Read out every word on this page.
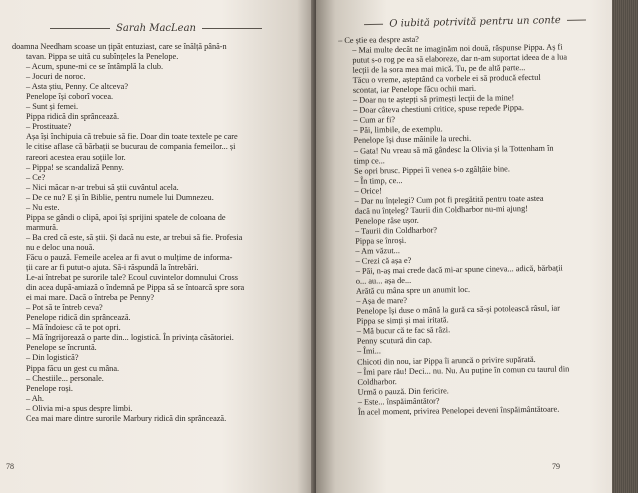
Sarah MacLean

doamna Needham scoase un țipăt entuziast, care se înălță până-n

tavan. Pippa se uită cu subînțeles la Penelope.

– Acum, spune-mi ce se întâmplă la club.

– Jocuri de noroc.

– Asta știu, Penny. Ce altceva?

Penelope își coborî vocea.

– Sunt și femei.

Pippa ridică din sprâncează.

– Prostituate?

Așa își închipuia că trebuie să fie. Doar din toate textele pe care

le citise aflase că bărbații se bucurau de compania femeilor... și

rareori acestea erau soțiile lor.

– Pippa! se scandaliză Penny.

– Ce?

– Nici măcar n-ar trebui să știi cuvântul acela.

– De ce nu? E și în Biblie, pentru numele lui Dumnezeu.

– Nu este.

Pippa se gândi o clipă, apoi își sprijini spatele de coloana de

marmură.

– Ba cred că este, să știi. Și dacă nu este, ar trebui să fie. Profesia

nu e deloc una nouă.

Făcu o pauză. Femeile acelea ar fi avut o mulțime de informa-

ții care ar fi putut-o ajuta. Să-i răspundă la întrebări.

Le-ai întrebat pe surorile tale? Ecoul cuvintelor domnului Cross

din acea după-amiază o îndemnă pe Pippa să se întoarcă spre sora

ei mai mare. Dacă o întreba pe Penny?

– Pot să te întreb ceva?

Penelope ridică din sprâncează.

– Mă îndoiesc că te pot opri.

– Mă îngrijorează o parte din... logistică. În privința căsătoriei.

Penelope se încruntă.

– Din logistică?

Pippa făcu un gest cu mâna.

– Chestiile... personale.

Penelope roși.

– Ah.

– Olivia mi-a spus despre limbi.

Cea mai mare dintre surorile Marbury ridică din sprâncează.

78
O iubită potrivită pentru un conte

– Ce știe ea despre asta?

– Mai multe decât ne imaginăm noi două, răspunse Pippa. Aș fi

putut s-o rog pe ea să elaboreze, dar n-am suportat ideea de a lua

lecții de la sora mea mai mică. Tu, pe de altă parte...

Tăcu o vreme, așteptând ca vorbele ei să producă efectul

scontat, iar Penelope făcu ochii mari.

– Doar nu te aștepți să primești lecții de la mine!

– Doar câteva chestiuni critice, spuse repede Pippa.

– Cum ar fi?

– Păi, limbile, de exemplu.

Penelope își duse mâinile la urechi.

– Gata! Nu vreau să mă gândesc la Olivia și la Tottenham în

timp ce...

Se opri brusc. Pippei îi venea s-o zgâlțâie bine.

– În timp, ce...

– Orice!

– Dar nu înțelegi? Cum pot fi pregătită pentru toate astea

dacă nu înțeleg? Taurii din Coldharbor nu-mi ajung!

Penelope râse ușor.

– Taurii din Coldharbor?

Pippa se înroși.

– Am văzut...

– Crezi că așa e?

– Păi, n-aș mai crede dacă mi-ar spune cineva... adică, bărbații

o... au... așa de...

Arătă cu mâna spre un anumit loc.

– Așa de mare?

Penelope își duse o mână la gură ca să-și potolească râsul, iar

Pippa se simți și mai iritată.

– Mă bucur că te fac să râzi.

Penny scutură din cap.

– Îmi...

Chicoti din nou, iar Pippa îi aruncă o privire supărată.

– Îmi pare rău! Deci... nu. Nu. Au puține în comun cu taurul din

Coldharbor.

Urmă o pauză. Din fericire.

– Este... înspăimântător?

În acel moment, privirea Penelopei deveni înspăimântătoare.

79
